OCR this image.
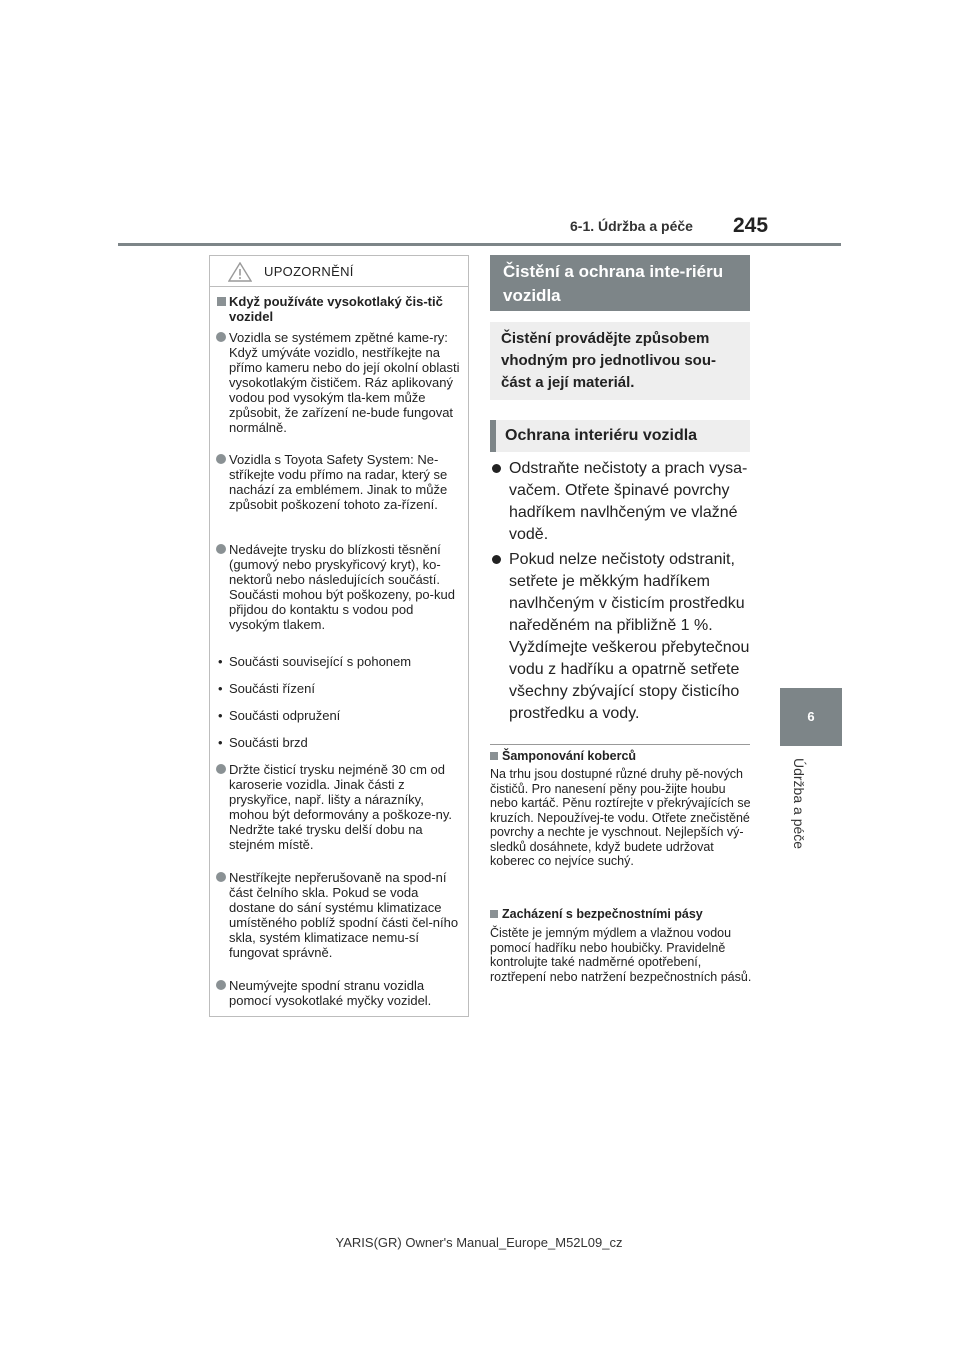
6-1. Údržba a péče 245
6
Údržba a péče
UPOZORNĚNÍ
Když používáte vysokotlaký čis-tič vozidel
Vozidla se systémem zpětné kame-ry: Když umýváte vozidlo, nestříkejte na přímo kameru nebo do její okolní oblasti vysokotlakým čističem. Ráz aplikovaný vodou pod vysokým tla-kem může způsobit, že zařízení ne-bude fungovat normálně.
Vozidla s Toyota Safety System: Ne-stříkejte vodu přímo na radar, který se nachází za emblémem. Jinak to může způsobit poškození tohoto za-řízení.
Nedávejte trysku do blízkosti těsnění (gumový nebo pryskyřicový kryt), ko-nektorů nebo následujících součástí. Součásti mohou být poškozeny, po-kud přijdou do kontaktu s vodou pod vysokým tlakem.
• Součásti související s pohonem
• Součásti řízení
• Součásti odpružení
• Součásti brzd
Držte čisticí trysku nejméně 30 cm od karoserie vozidla. Jinak části z pryskyřice, např. lišty a nárazníky, mohou být deformovány a poškoze-ny. Nedržte také trysku delší dobu na stejném místě.
Nestříkejte nepřerušovaně na spod-ní část čelního skla. Pokud se voda dostane do sání systému klimatizace umístěného poblíž spodní části čel-ního skla, systém klimatizace nemu-sí fungovat správně.
Neumývejte spodní stranu vozidla pomocí vysokotlaké myčky vozidel.
Čistění a ochrana inte-riéru vozidla
Čistění provádějte způsobem vhodným pro jednotlivou sou-část a její materiál.
Ochrana interiéru vozidla
Odstraňte nečistoty a prach vysa-vačem. Otřete špinavé povrchy hadříkem navlhčeným ve vlažné vodě.
Pokud nelze nečistoty odstranit, setřete je měkkým hadříkem navlhčeným v čisticím prostředku naředěném na přibližně 1 %. Vyždímejte veškerou přebytečnou vodu z hadříku a opatrně setřete všechny zbývající stopy čisticího prostředku a vody.
Šamponování koberců
Na trhu jsou dostupné různé druhy pě-nových čističů. Pro nanesení pěny pou-žijte houbu nebo kartáč. Pěnu roztírejte v překrývajících se kruzích. Nepoužívej-te vodu. Otřete znečistěné povrchy a nechte je vyschnout. Nejlepších vý-sledků dosáhnete, když budete udržovat koberec co nejvíce suchý.
Zacházení s bezpečnostními pásy
Čistěte je jemným mýdlem a vlažnou vodou pomocí hadříku nebo houbičky. Pravidelně kontrolujte také nadměrné opotřebení, roztřepení nebo natržení bezpečnostních pásů.
YARIS(GR) Owner's Manual_Europe_M52L09_cz
